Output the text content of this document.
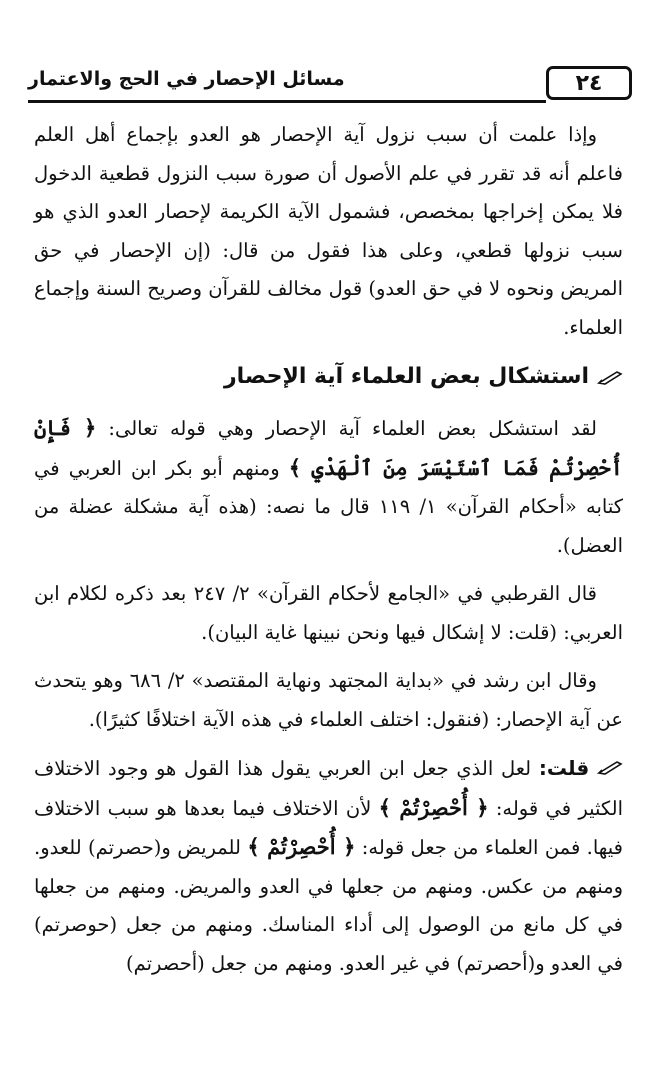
٢٤
مسائل الإحصار في الحج والاعتمار

وإذا علمت أن سبب نزول آية الإحصار هو العدو بإجماع أهل العلم فاعلم أنه قد تقرر في علم الأصول أن صورة سبب النزول قطعية الدخول فلا يمكن إخراجها بمخصص، فشمول الآية الكريمة لإحصار العدو الذي هو سبب نزولها قطعي، وعلى هذا فقول من قال: (إن الإحصار في حق المريض ونحوه لا في حق العدو) قول مخالف للقرآن وصريح السنة وإجماع العلماء.

استشكال بعض العلماء آية الإحصار

لقد استشكل بعض العلماء آية الإحصار وهي قوله تعالى: ﴿ فَإِنْ أُحْصِرْتُمْ فَمَا ٱسْتَيْسَرَ مِنَ ٱلْهَدْيِ ﴾ ومنهم أبو بكر ابن العربي في كتابه «أحكام القرآن» ١/ ١١٩ قال ما نصه: (هذه آية مشكلة عضلة من العضل).

قال القرطبي في «الجامع لأحكام القرآن» ٢/ ٢٤٧ بعد ذكره لكلام ابن العربي: (قلت: لا إشكال فيها ونحن نبينها غاية البيان).

وقال ابن رشد في «بداية المجتهد ونهاية المقتصد» ٢/ ٦٨٦ وهو يتحدث عن آية الإحصار: (فنقول: اختلف العلماء في هذه الآية اختلافًا كثيرًا).

قلت: لعل الذي جعل ابن العربي يقول هذا القول هو وجود الاختلاف الكثير في قوله: ﴿ أُحْصِرْتُمْ ﴾ لأن الاختلاف فيما بعدها هو سبب الاختلاف فيها. فمن العلماء من جعل قوله: ﴿ أُحْصِرْتُمْ ﴾ للمريض و(حصرتم) للعدو. ومنهم من عكس. ومنهم من جعلها في العدو والمريض. ومنهم من جعلها في كل مانع من الوصول إلى أداء المناسك. ومنهم من جعل (حوصرتم) في العدو و(أحصرتم) في غير العدو. ومنهم من جعل (أحصرتم)
